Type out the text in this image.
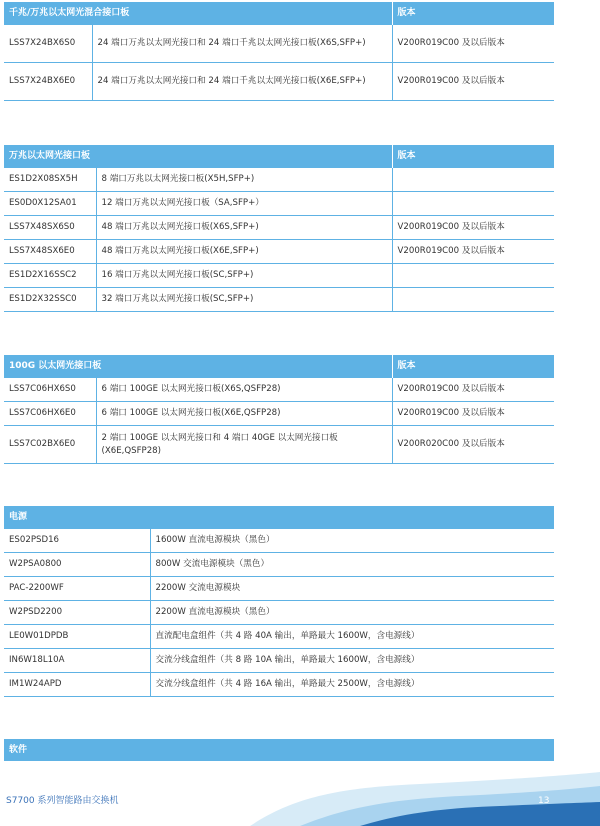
千兆/万兆以太网光混合接口板		版本
LSS7X24BX6S0	24 端口万兆以太网光接口和 24 端口千兆以太网光接口板(X6S,SFP+)	V200R019C00 及以后版本
LSS7X24BX6E0	24 端口万兆以太网光接口和 24 端口千兆以太网光接口板(X6E,SFP+)	V200R019C00 及以后版本
万兆以太网光接口板		版本
ES1D2X08SX5H	8 端口万兆以太网光接口板(X5H,SFP+)	
ES0D0X12SA01	12 端口万兆以太网光接口板（SA,SFP+）	
LSS7X48SX6S0	48 端口万兆以太网光接口板(X6S,SFP+)	V200R019C00 及以后版本
LSS7X48SX6E0	48 端口万兆以太网光接口板(X6E,SFP+)	V200R019C00 及以后版本
ES1D2X16SSC2	16 端口万兆以太网光接口板(SC,SFP+)	
ES1D2X32SSC0	32 端口万兆以太网光接口板(SC,SFP+)	
100G 以太网光接口板		版本
LSS7C06HX6S0	6 端口 100GE 以太网光接口板(X6S,QSFP28)	V200R019C00 及以后版本
LSS7C06HX6E0	6 端口 100GE 以太网光接口板(X6E,QSFP28)	V200R019C00 及以后版本
LSS7C02BX6E0	2 端口 100GE 以太网光接口和 4 端口 40GE 以太网光接口板(X6E,QSFP28)	V200R020C00 及以后版本
电源	
ES02PSD16	1600W 直流电源模块（黑色）
W2PSA0800	800W 交流电源模块（黑色）
PAC-2200WF	2200W 交流电源模块
W2PSD2200	2200W 直流电源模块（黑色）
LE0W01DPDB	直流配电盒组件（共 4 路 40A 输出，单路最大 1600W，含电源线）
IN6W18L10A	交流分线盒组件（共 8 路 10A 输出，单路最大 1600W，含电源线）
IM1W24APD	交流分线盒组件（共 4 路 16A 输出，单路最大 2500W，含电源线）
软件
S7700 系列智能路由交换机	13
